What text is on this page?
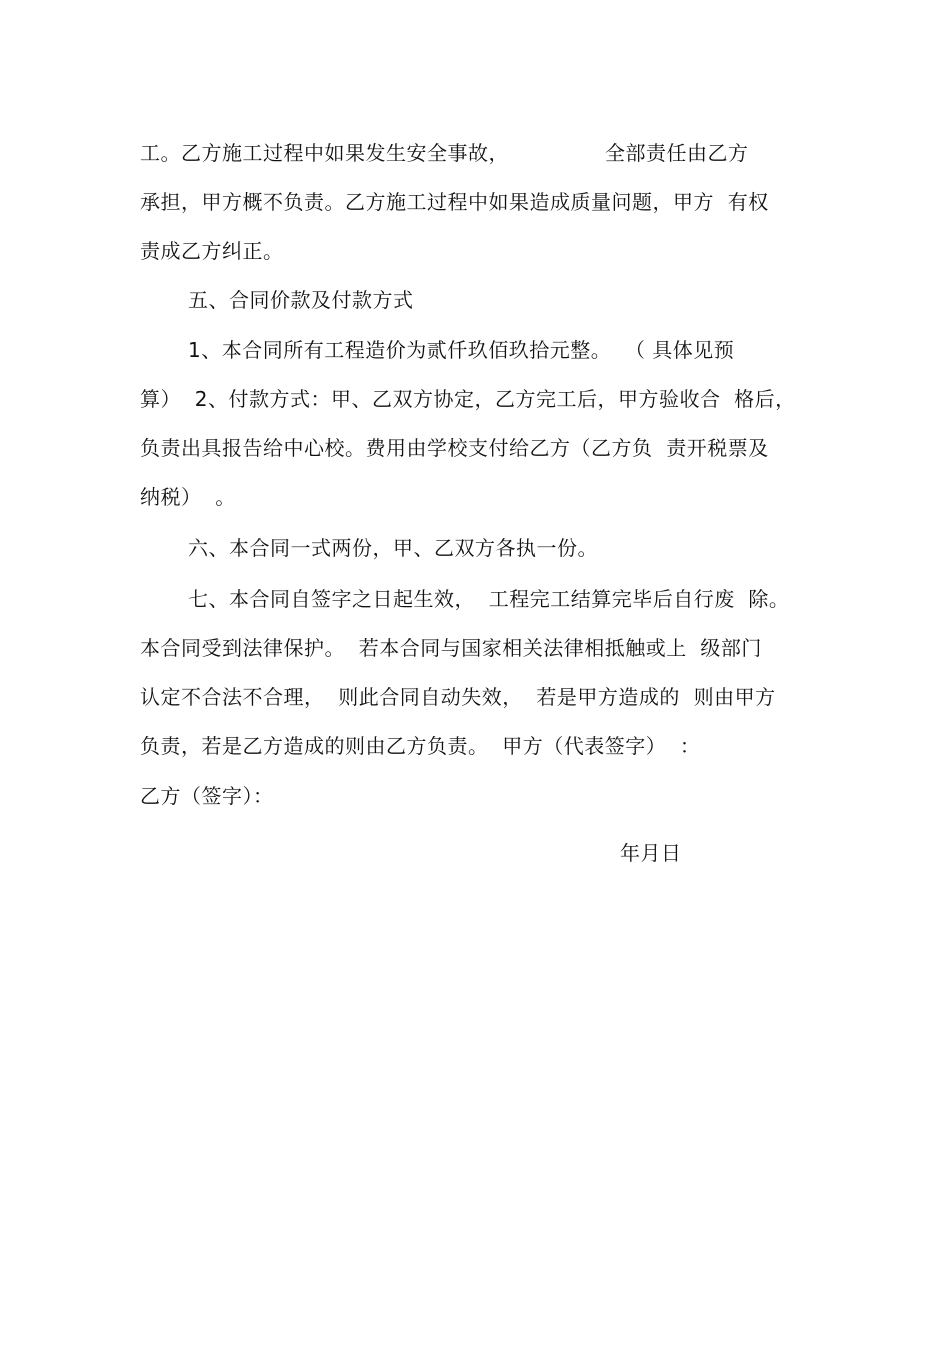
工。乙方施工过程中如果发生安全事故，              全部责任由乙方
承担，甲方概不负责。乙方施工过程中如果造成质量问题，甲方  有权
责成乙方纠正。
五、合同价款及付款方式
1、本合同所有工程造价为贰仟玖佰玖拾元整。  （ 具体见预
算）  2、付款方式：甲、乙双方协定，乙方完工后，甲方验收合  格后，
负责出具报告给中心校。费用由学校支付给乙方（乙方负  责开税票及
纳税）  。
六、本合同一式两份，甲、乙双方各执一份。
七、本合同自签字之日起生效，  工程完工结算完毕后自行废  除。
本合同受到法律保护。  若本合同与国家相关法律相抵触或上  级部门
认定不合法不合理，  则此合同自动失效，  若是甲方造成的  则由甲方
负责，若是乙方造成的则由乙方负责。  甲方（代表签字）  ：
乙方（签字）：
年月日
